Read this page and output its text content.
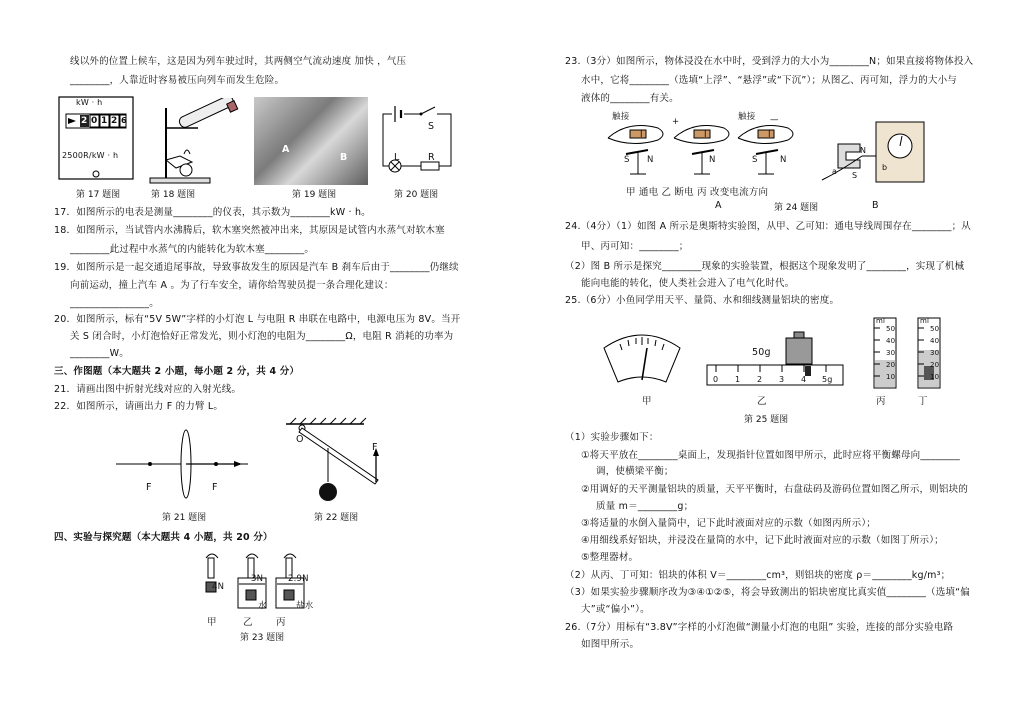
线以外的位置上候车，这是因为列车驶过时，其两侧空气流动速度 加快 ，气压
________，人靠近时容易被压向列车而发生危险。
kW · h
2 0 1 2 6
2500R/kW · h
第 17 题图	第 18 题图
A
B
第 19 题图
S
L	R
第 20 题图
17．如图所示的电表是测量________的仪表，其示数为________kW · h。
18．如图所示，当试管内水沸腾后，软木塞突然被冲出来，其原因是试管内水蒸气对软木塞
________此过程中水蒸气的内能转化为软木塞________。
19．如图所示是一起交通追尾事故，导致事故发生的原因是汽车 B 刹车后由于________仍继续
向前运动，撞上汽车 A 。为了行车安全，请你给驾驶员提一条合理化建议：
________________。
20．如图所示，标有“5V 5W”字样的小灯泡 L 与电阻 R 串联在电路中，电源电压为 8V。当开
关 S 闭合时，小灯泡恰好正常发光，则小灯泡的电阻为________Ω，电阻 R 消耗的功率为
________W。
三、作图题（本大题共 2 小题，每小题 2 分，共 4 分）
21．请画出图中折射光线对应的入射光线。
22．如图所示，请画出力 F 的力臂 L。
F	F
第 21 题图
O
F
第 22 题图
四、实验与探究题（本大题共 4 小题，共 20 分）
4N
3N	2.9N
水	盐水
甲	乙 丙
第 23 题图
23.（3分）如图所示，物体浸没在水中时，受到浮力的大小为________N；如果直接将物体投入
水中，它将________（选填“上浮”、“悬浮”或“下沉”）；从图乙、丙可知，浮力的大小与
液体的________有关。
触接	触接
I	I	I
S N	N	S	N
+	—
甲 通电 乙 断电 丙 改变电流方向
A
N
S
a	b
B
第 24 题图
24.（4分）（1）如图 A 所示是奥斯特实验图，从甲、乙可知：通电导线周围存在________；从
甲、丙可知：________；
（2）图 B 所示是探究________现象的实验装置，根据这个现象发明了________，实现了机械
能向电能的转化，使人类社会进入了电气化时代。
25.（6分）小鱼同学用天平、量筒、水和细线测量铝块的密度。
50g
0 1 2 3 4 5g
ml	ml
50
40
30
20
10
50
40
30
20
10
甲	乙	丙	丁
第 25 题图
（1）实验步骤如下：
①将天平放在________桌面上，发现指针位置如图甲所示，此时应将平衡螺母向________
调，使横梁平衡；
②用调好的天平测量铝块的质量，天平平衡时，右盘砝码及游码位置如图乙所示，则铝块的
质量 m＝________g；
③将适量的水倒入量筒中，记下此时液面对应的示数（如图丙所示）；
④用细线系好铝块，并浸没在量筒的水中，记下此时液面对应的示数（如图丁所示）；
⑤整理器材。
（2）从丙、丁可知：铝块的体积 V＝________cm³，则铝块的密度 ρ＝________kg/m³；
（3）如果实验步骤顺序改为③④①②⑤，将会导致测出的铝块密度比真实值________（选填“偏
大”或“偏小”）。
26.（7分）用标有“3.8V”字样的小灯泡做“测量小灯泡的电阻” 实验，连接的部分实验电路
如图甲所示。
